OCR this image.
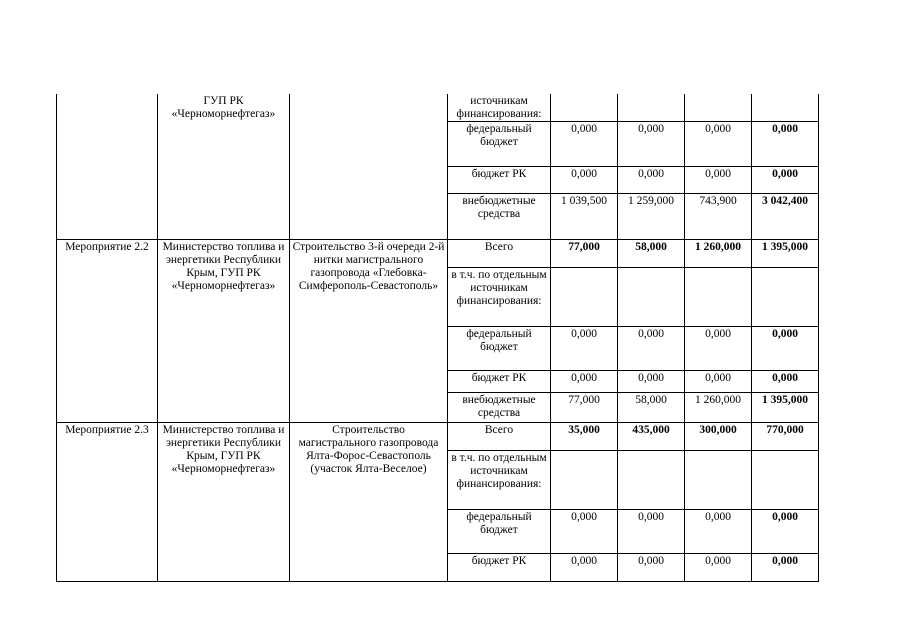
	ГУП РК «Черноморнефтегаз»		источникам финансирования:				
			федеральный бюджет	0,000	0,000	0,000	0,000
			бюджет РК	0,000	0,000	0,000	0,000
			внебюджетные средства	1 039,500	1 259,000	743,900	3 042,400
Мероприятие 2.2	Министерство топлива и энергетики Республики Крым, ГУП РК «Черноморнефтегаз»	Строительство 3-й очереди 2-й нитки магистрального газопровода «Глебовка-Симферополь-Севастополь»	Всего	77,000	58,000	1 260,000	1 395,000
			в т.ч. по отдельным источникам финансирования:				
			федеральный бюджет	0,000	0,000	0,000	0,000
			бюджет РК	0,000	0,000	0,000	0,000
			внебюджетные средства	77,000	58,000	1 260,000	1 395,000
Мероприятие 2.3	Министерство топлива и энергетики Республики Крым, ГУП РК «Черноморнефтегаз»	Строительство магистрального газопровода Ялта-Форос-Севастополь (участок Ялта-Веселое)	Всего	35,000	435,000	300,000	770,000
			в т.ч. по отдельным источникам финансирования:				
			федеральный бюджет	0,000	0,000	0,000	0,000
			бюджет РК	0,000	0,000	0,000	0,000
